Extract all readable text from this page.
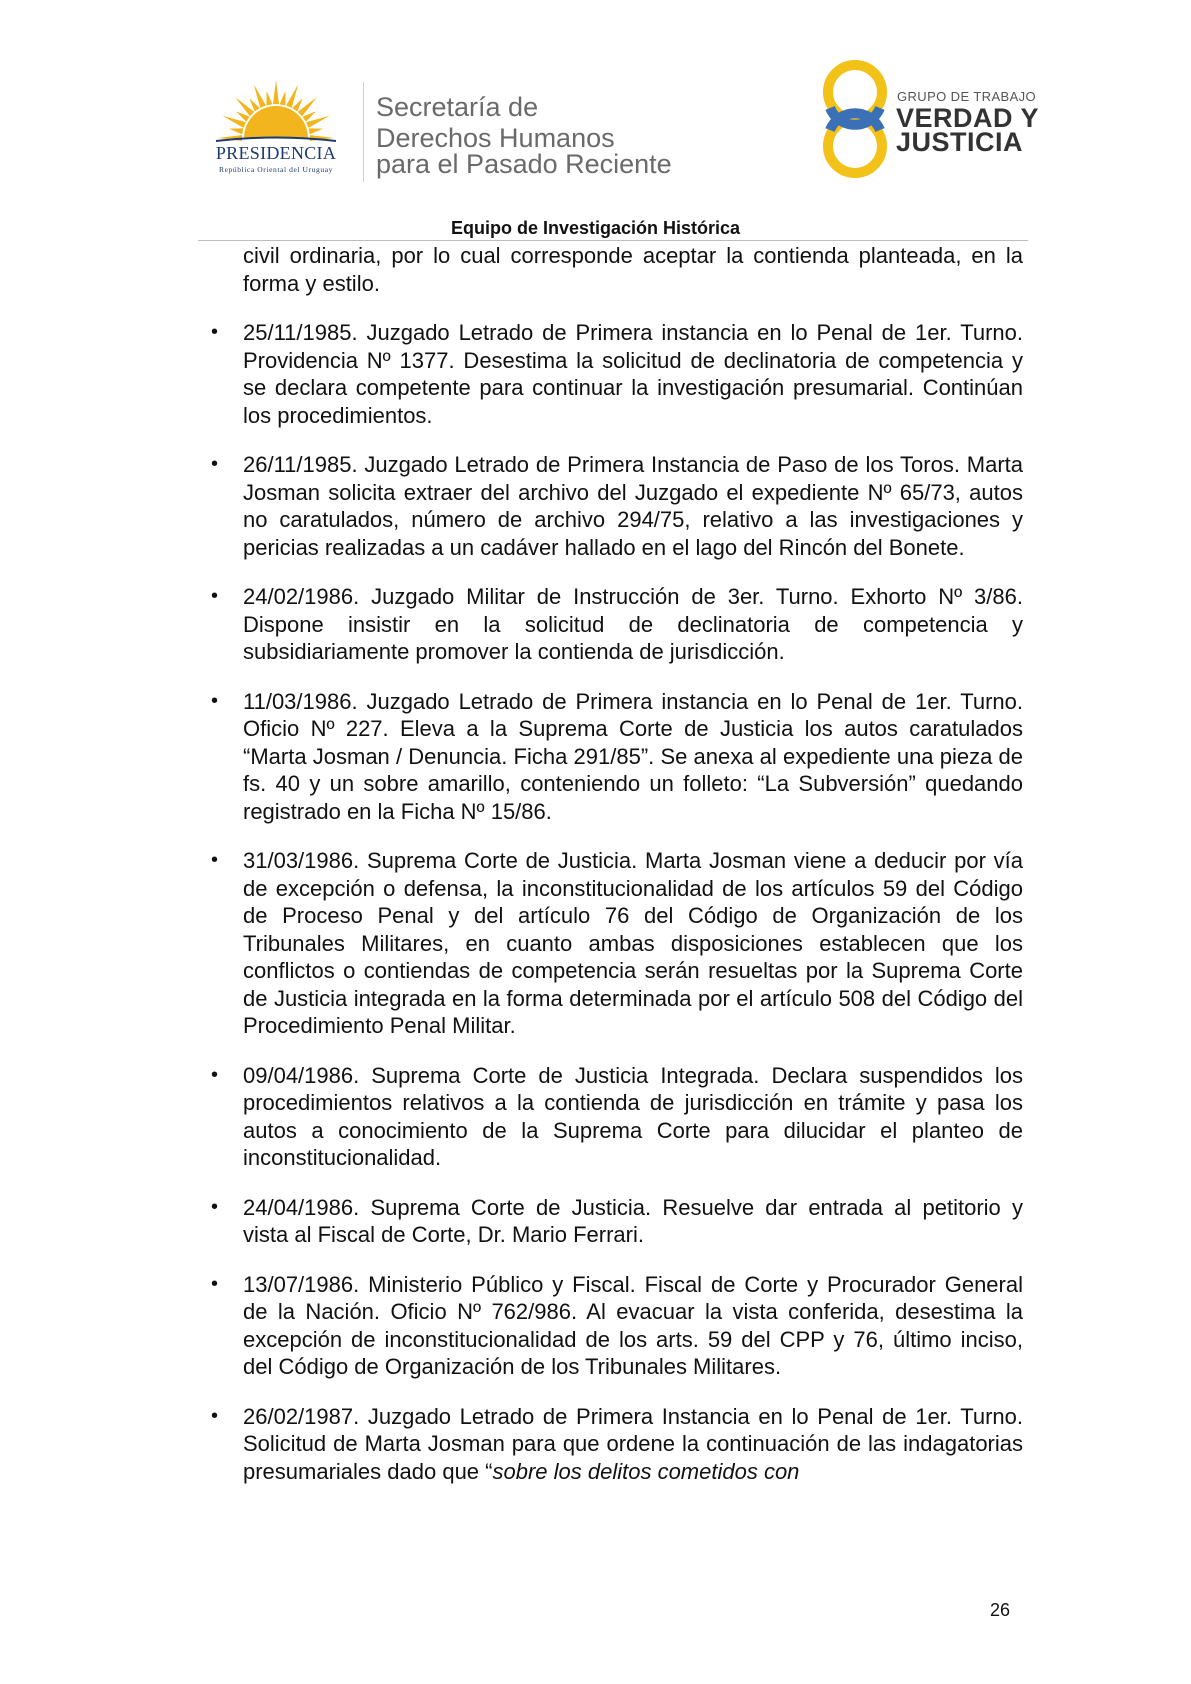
PRESIDENCIA
República Oriental del Uruguay
Secretaría de
Derechos Humanos
para el Pasado Reciente
GRUPO DE TRABAJO
VERDAD Y
JUSTICIA
Equipo de Investigación Histórica

civil ordinaria, por lo cual corresponde aceptar la contienda planteada, en la forma y estilo.

• 25/11/1985. Juzgado Letrado de Primera instancia en lo Penal de 1er. Turno. Providencia Nº 1377. Desestima la solicitud de declinatoria de competencia y se declara competente para continuar la investigación presumarial. Continúan los procedimientos.
• 26/11/1985. Juzgado Letrado de Primera Instancia de Paso de los Toros. Marta Josman solicita extraer del archivo del Juzgado el expediente Nº 65/73, autos no caratulados, número de archivo 294/75, relativo a las investigaciones y pericias realizadas a un cadáver hallado en el lago del Rincón del Bonete.
• 24/02/1986. Juzgado Militar de Instrucción de 3er. Turno. Exhorto Nº 3/86. Dispone insistir en la solicitud de declinatoria de competencia y subsidiariamente promover la contienda de jurisdicción.
• 11/03/1986. Juzgado Letrado de Primera instancia en lo Penal de 1er. Turno. Oficio Nº 227. Eleva a la Suprema Corte de Justicia los autos caratulados “Marta Josman / Denuncia. Ficha 291/85”. Se anexa al expediente una pieza de fs. 40 y un sobre amarillo, conteniendo un folleto: “La Subversión” quedando registrado en la Ficha Nº 15/86.
• 31/03/1986. Suprema Corte de Justicia. Marta Josman viene a deducir por vía de excepción o defensa, la inconstitucionalidad de los artículos 59 del Código de Proceso Penal y del artículo 76 del Código de Organización de los Tribunales Militares, en cuanto ambas disposiciones establecen que los conflictos o contiendas de competencia serán resueltas por la Suprema Corte de Justicia integrada en la forma determinada por el artículo 508 del Código del Procedimiento Penal Militar.
• 09/04/1986. Suprema Corte de Justicia Integrada. Declara suspendidos los procedimientos relativos a la contienda de jurisdicción en trámite y pasa los autos a conocimiento de la Suprema Corte para dilucidar el planteo de inconstitucionalidad.
• 24/04/1986. Suprema Corte de Justicia. Resuelve dar entrada al petitorio y vista al Fiscal de Corte, Dr. Mario Ferrari.
• 13/07/1986. Ministerio Público y Fiscal. Fiscal de Corte y Procurador General de la Nación. Oficio Nº 762/986. Al evacuar la vista conferida, desestima la excepción de inconstitucionalidad de los arts. 59 del CPP y 76, último inciso, del Código de Organización de los Tribunales Militares.
• 26/02/1987. Juzgado Letrado de Primera Instancia en lo Penal de 1er. Turno. Solicitud de Marta Josman para que ordene la continuación de las indagatorias presumariales dado que “sobre los delitos cometidos con
26
